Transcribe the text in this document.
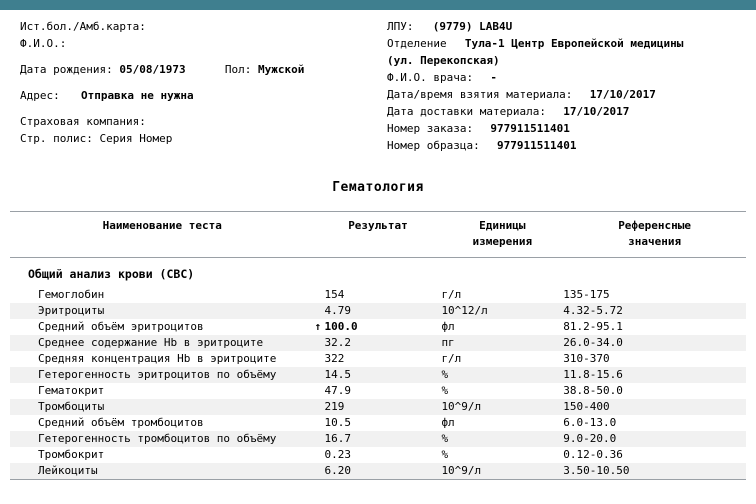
Ист.бол./Амб.карта:
Ф.И.О.:
Дата рождения: 05/08/1973	Пол: Мужской
Адрес: Отправка не нужна
Страховая компания:
Стр. полис: Серия Номер
ЛПУ: (9779) LAB4U
Отделение Тула-1 Центр Европейской медицины
(ул. Перекопская)
Ф.И.О. врача: -
Дата/время взятия материала: 17/10/2017
Дата доставки материала: 17/10/2017
Номер заказа: 977911511401
Номер образца: 977911511401
Гематология
Наименование теста	Результат	Единицы	Референсные
		измерения	значения

Общий анализ крови (CBC)			
Гемоглобин	154	г/л	135-175
Эритроциты	4.79	10^12/л	4.32-5.72
Средний объём эритроцитов	↑ 100.0	фл	81.2-95.1
Среднее содержание Hb в эритроците	32.2	пг	26.0-34.0
Средняя концентрация Hb в эритроците	322	г/л	310-370
Гетерогенность эритроцитов по объёму	14.5	%	11.8-15.6
Гематокрит	47.9	%	38.8-50.0
Тромбоциты	219	10^9/л	150-400
Средний объём тромбоцитов	10.5	фл	6.0-13.0
Гетерогенность тромбоцитов по объёму	16.7	%	9.0-20.0
Тромбокрит	0.23	%	0.12-0.36
Лейкоциты	6.20	10^9/л	3.50-10.50
